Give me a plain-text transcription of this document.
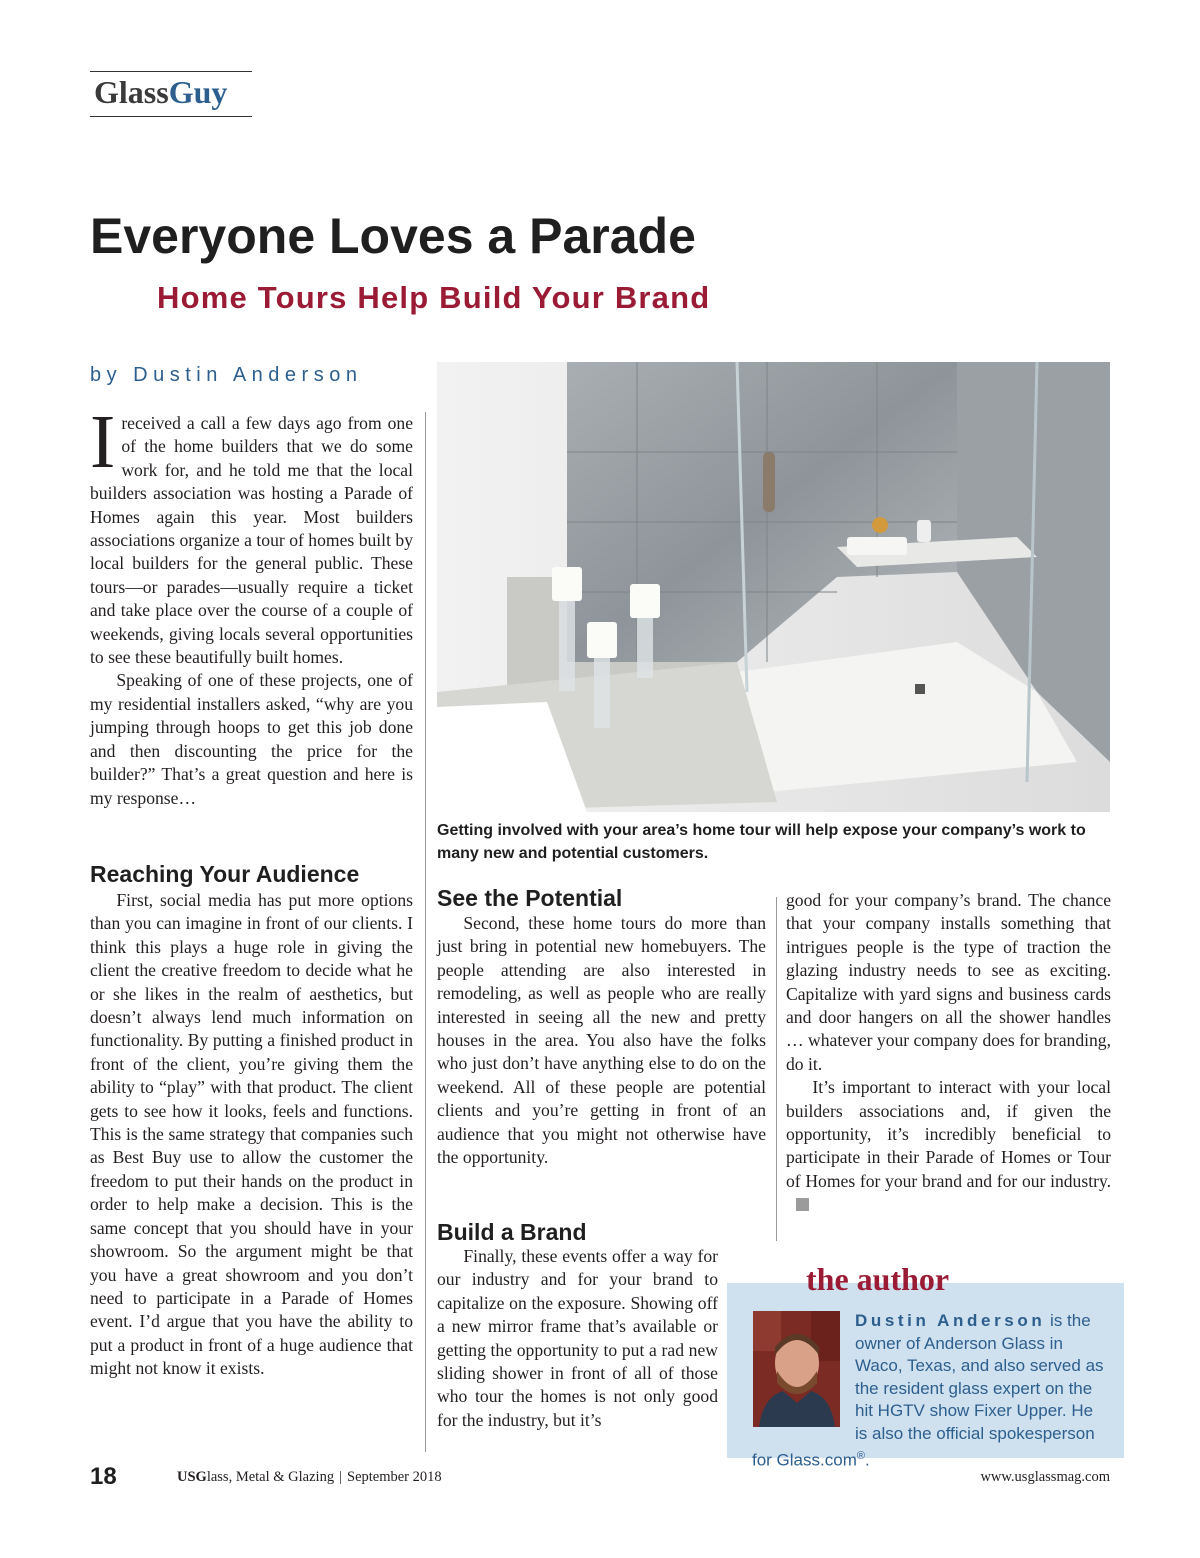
GlassGuy
Everyone Loves a Parade
Home Tours Help Build Your Brand
by Dustin Anderson

Ireceived a call a few days ago from one of the home builders that we do some work for, and he told me that the local builders association was hosting a Parade of Homes again this year. Most builders associations organize a tour of homes built by local builders for the general public. These tours—or parades—usually require a ticket and take place over the course of a couple of weekends, giving locals several opportunities to see these beautifully built homes.

Speaking of one of these projects, one of my residential installers asked, “why are you jumping through hoops to get this job done and then discounting the price for the builder?” That’s a great question and here is my response…

Reaching Your Audience

First, social media has put more options than you can imagine in front of our clients. I think this plays a huge role in giving the client the creative freedom to decide what he or she likes in the realm of aesthetics, but doesn’t always lend much information on functionality. By putting a finished product in front of the client, you’re giving them the ability to “play” with that product. The client gets to see how it looks, feels and functions. This is the same strategy that companies such as Best Buy use to allow the customer the freedom to put their hands on the product in order to help make a decision. This is the same concept that you should have in your showroom. So the argument might be that you have a great showroom and you don’t need to participate in a Parade of Homes event. I’d argue that you have the ability to put a product in front of a huge audience that might not know it exists.

Getting involved with your area’s home tour will help expose your company’s work to many new and potential customers.
See the Potential

Second, these home tours do more than just bring in potential new homebuyers. The people attending are also interested in remodeling, as well as people who are really interested in seeing all the new and pretty houses in the area. You also have the folks who just don’t have anything else to do on the weekend. All of these people are potential clients and you’re getting in front of an audience that you might not otherwise have the opportunity.

Build a Brand

Finally, these events offer a way for our industry and for your brand to capitalize on the exposure. Showing off a new mirror frame that’s available or getting the opportunity to put a rad new sliding shower in front of all of those who tour the homes is not only good for the industry, but it’s

good for your company’s brand. The chance that your company installs something that intrigues people is the type of traction the glazing industry needs to see as exciting. Capitalize with yard signs and business cards and door hangers on all the shower handles … whatever your company does for branding, do it.

It’s important to interact with your local builders associations and, if given the opportunity, it’s incredibly beneficial to participate in their Parade of Homes or Tour of Homes for your brand and for our industry.

the author
Dustin Anderson is the owner of Anderson Glass in Waco, Texas, and also served as the resident glass expert on the hit HGTV show Fixer Upper. He is also the official spokesperson for Glass.com®.
18	USGlass, Metal & Glazing | September 2018	www.usglassmag.com
